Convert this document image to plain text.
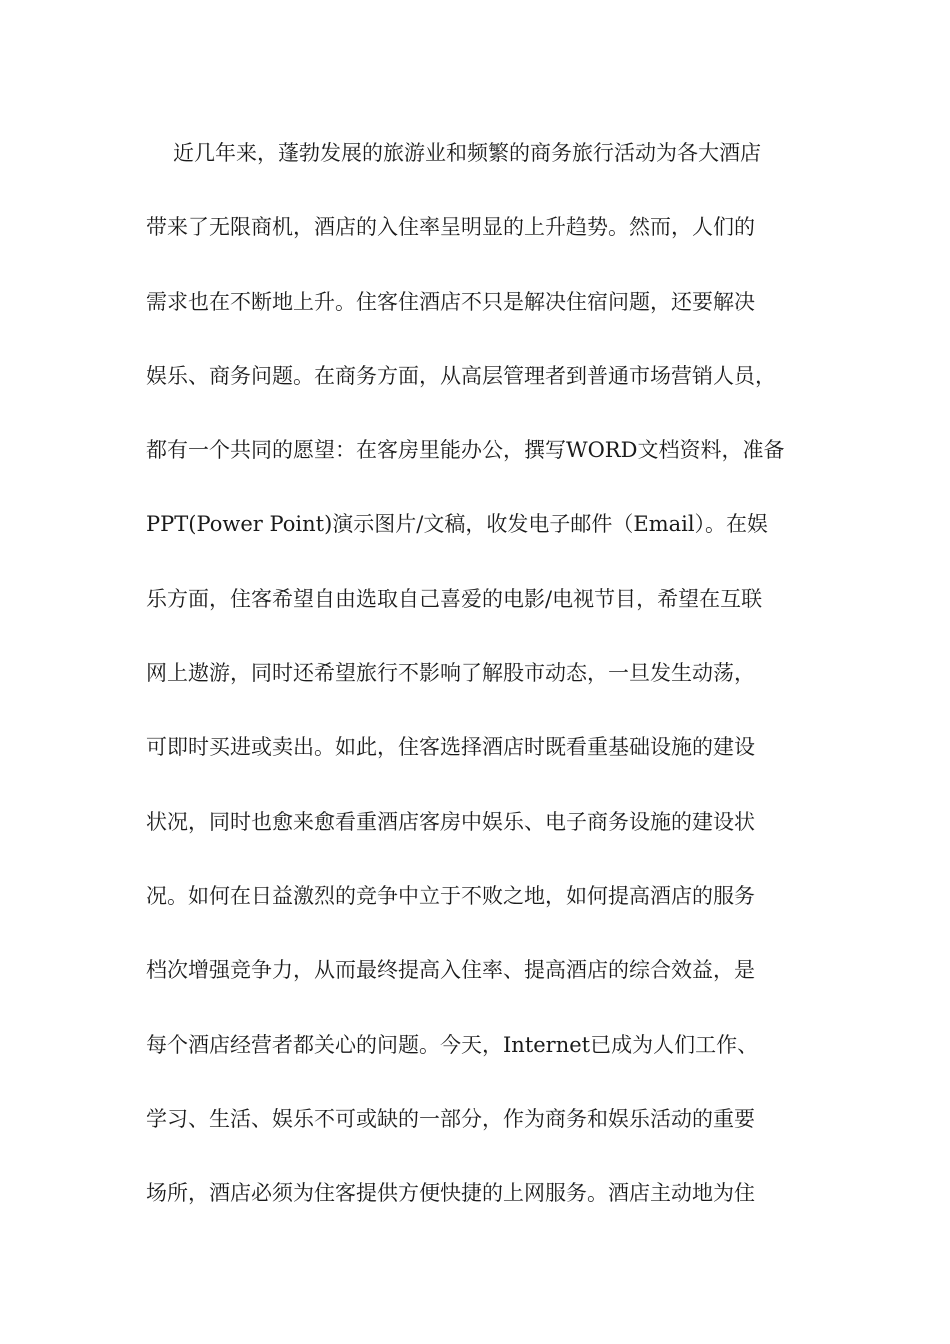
近几年来，蓬勃发展的旅游业和频繁的商务旅行活动为各大酒店
带来了无限商机，酒店的入住率呈明显的上升趋势。然而，人们的
需求也在不断地上升。住客住酒店不只是解决住宿问题，还要解决
娱乐、商务问题。在商务方面，从高层管理者到普通市场营销人员，
都有一个共同的愿望：在客房里能办公，撰写WORD文档资料，准备
PPT(Power Point)演示图片/文稿，收发电子邮件（Email）。在娱
乐方面，住客希望自由选取自己喜爱的电影/电视节目，希望在互联
网上遨游，同时还希望旅行不影响了解股市动态，一旦发生动荡，
可即时买进或卖出。如此，住客选择酒店时既看重基础设施的建设
状况，同时也愈来愈看重酒店客房中娱乐、电子商务设施的建设状
况。如何在日益激烈的竞争中立于不败之地，如何提高酒店的服务
档次增强竞争力，从而最终提高入住率、提高酒店的综合效益，是
每个酒店经营者都关心的问题。今天，Internet已成为人们工作、
学习、生活、娱乐不可或缺的一部分，作为商务和娱乐活动的重要
场所，酒店必须为住客提供方便快捷的上网服务。酒店主动地为住
